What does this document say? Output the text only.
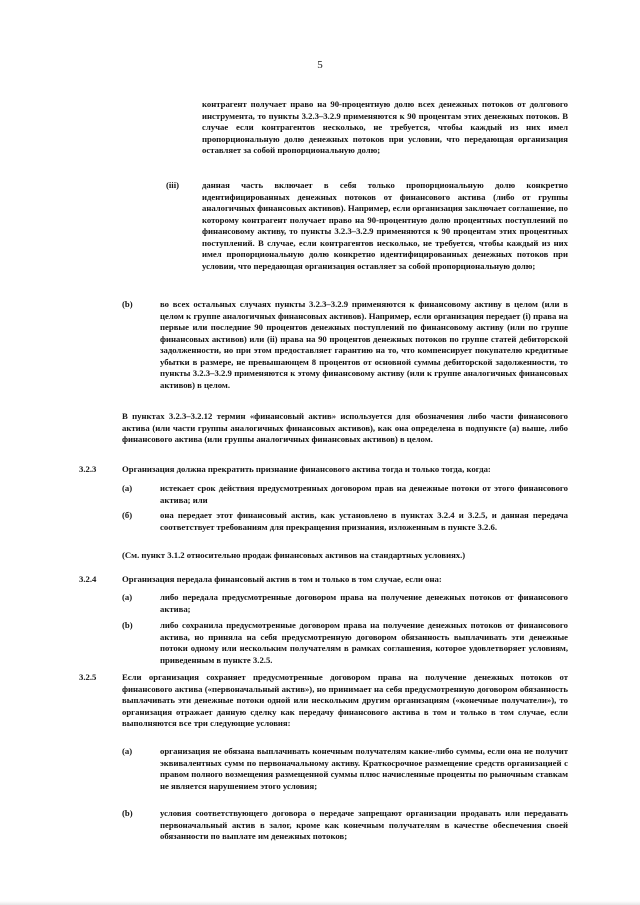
5
контрагент получает право на 90-процентную долю всех денежных потоков от долгового инструмента, то пункты 3.2.3–3.2.9 применяются к 90 процентам этих денежных потоков. В случае если контрагентов несколько, не требуется, чтобы каждый из них имел пропорциональную долю денежных потоков при условии, что передающая организация оставляет за собой пропорциональную долю;
(iii)	данная часть включает в себя только пропорциональную долю конкретно идентифицированных денежных потоков от финансового актива (либо от группы аналогичных финансовых активов). Например, если организация заключает соглашение, по которому контрагент получает право на 90-процентную долю процентных поступлений по финансовому активу, то пункты 3.2.3–3.2.9 применяются к 90 процентам этих процентных поступлений. В случае, если контрагентов несколько, не требуется, чтобы каждый из них имел пропорциональную долю конкретно идентифицированных денежных потоков при условии, что передающая организация оставляет за собой пропорциональную долю;
(b)	во всех остальных случаях пункты 3.2.3–3.2.9 применяются к финансовому активу в целом (или в целом к группе аналогичных финансовых активов). Например, если организация передает (i) права на первые или последние 90 процентов денежных поступлений по финансовому активу (или по группе финансовых активов) или (ii) права на 90 процентов денежных потоков по группе статей дебиторской задолженности, но при этом предоставляет гарантию на то, что компенсирует покупателю кредитные убытки в размере, не превышающем 8 процентов от основной суммы дебиторской задолженности, то пункты 3.2.3–3.2.9 применяются к этому финансовому активу (или к группе аналогичных финансовых активов) в целом.
В пунктах 3.2.3–3.2.12 термин «финансовый актив» используется для обозначения либо части финансового актива (или части группы аналогичных финансовых активов), как она определена в подпункте (а) выше, либо финансового актива (или группы аналогичных финансовых активов) в целом.
3.2.3	Организация должна прекратить признание финансового актива тогда и только тогда, когда:
(а)	истекает срок действия предусмотренных договором прав на денежные потоки от этого финансового актива; или
(б)	она передает этот финансовый актив, как установлено в пунктах 3.2.4 и 3.2.5, и данная передача соответствует требованиям для прекращения признания, изложенным в пункте 3.2.6.
(См. пункт 3.1.2 относительно продаж финансовых активов на стандартных условиях.)
3.2.4	Организация передала финансовый актив в том и только в том случае, если она:
(а)	либо передала предусмотренные договором права на получение денежных потоков от финансового актива;
(b)	либо сохранила предусмотренные договором права на получение денежных потоков от финансового актива, но приняла на себя предусмотренную договором обязанность выплачивать эти денежные потоки одному или нескольким получателям в рамках соглашения, которое удовлетворяет условиям, приведенным в пункте 3.2.5.
3.2.5	Если организация сохраняет предусмотренные договором права на получение денежных потоков от финансового актива («первоначальный актив»), но принимает на себя предусмотренную договором обязанность выплачивать эти денежные потоки одной или нескольким другим организациям («конечные получатели»), то организация отражает данную сделку как передачу финансового актива в том и только в том случае, если выполняются все три следующие условия:
(а)	организация не обязана выплачивать конечным получателям какие-либо суммы, если она не получит эквивалентных сумм по первоначальному активу. Краткосрочное размещение средств организацией с правом полного возмещения размещенной суммы плюс начисленные проценты по рыночным ставкам не является нарушением этого условия;
(b)	условия соответствующего договора о передаче запрещают организации продавать или передавать первоначальный актив в залог, кроме как конечным получателям в качестве обеспечения своей обязанности по выплате им денежных потоков;
